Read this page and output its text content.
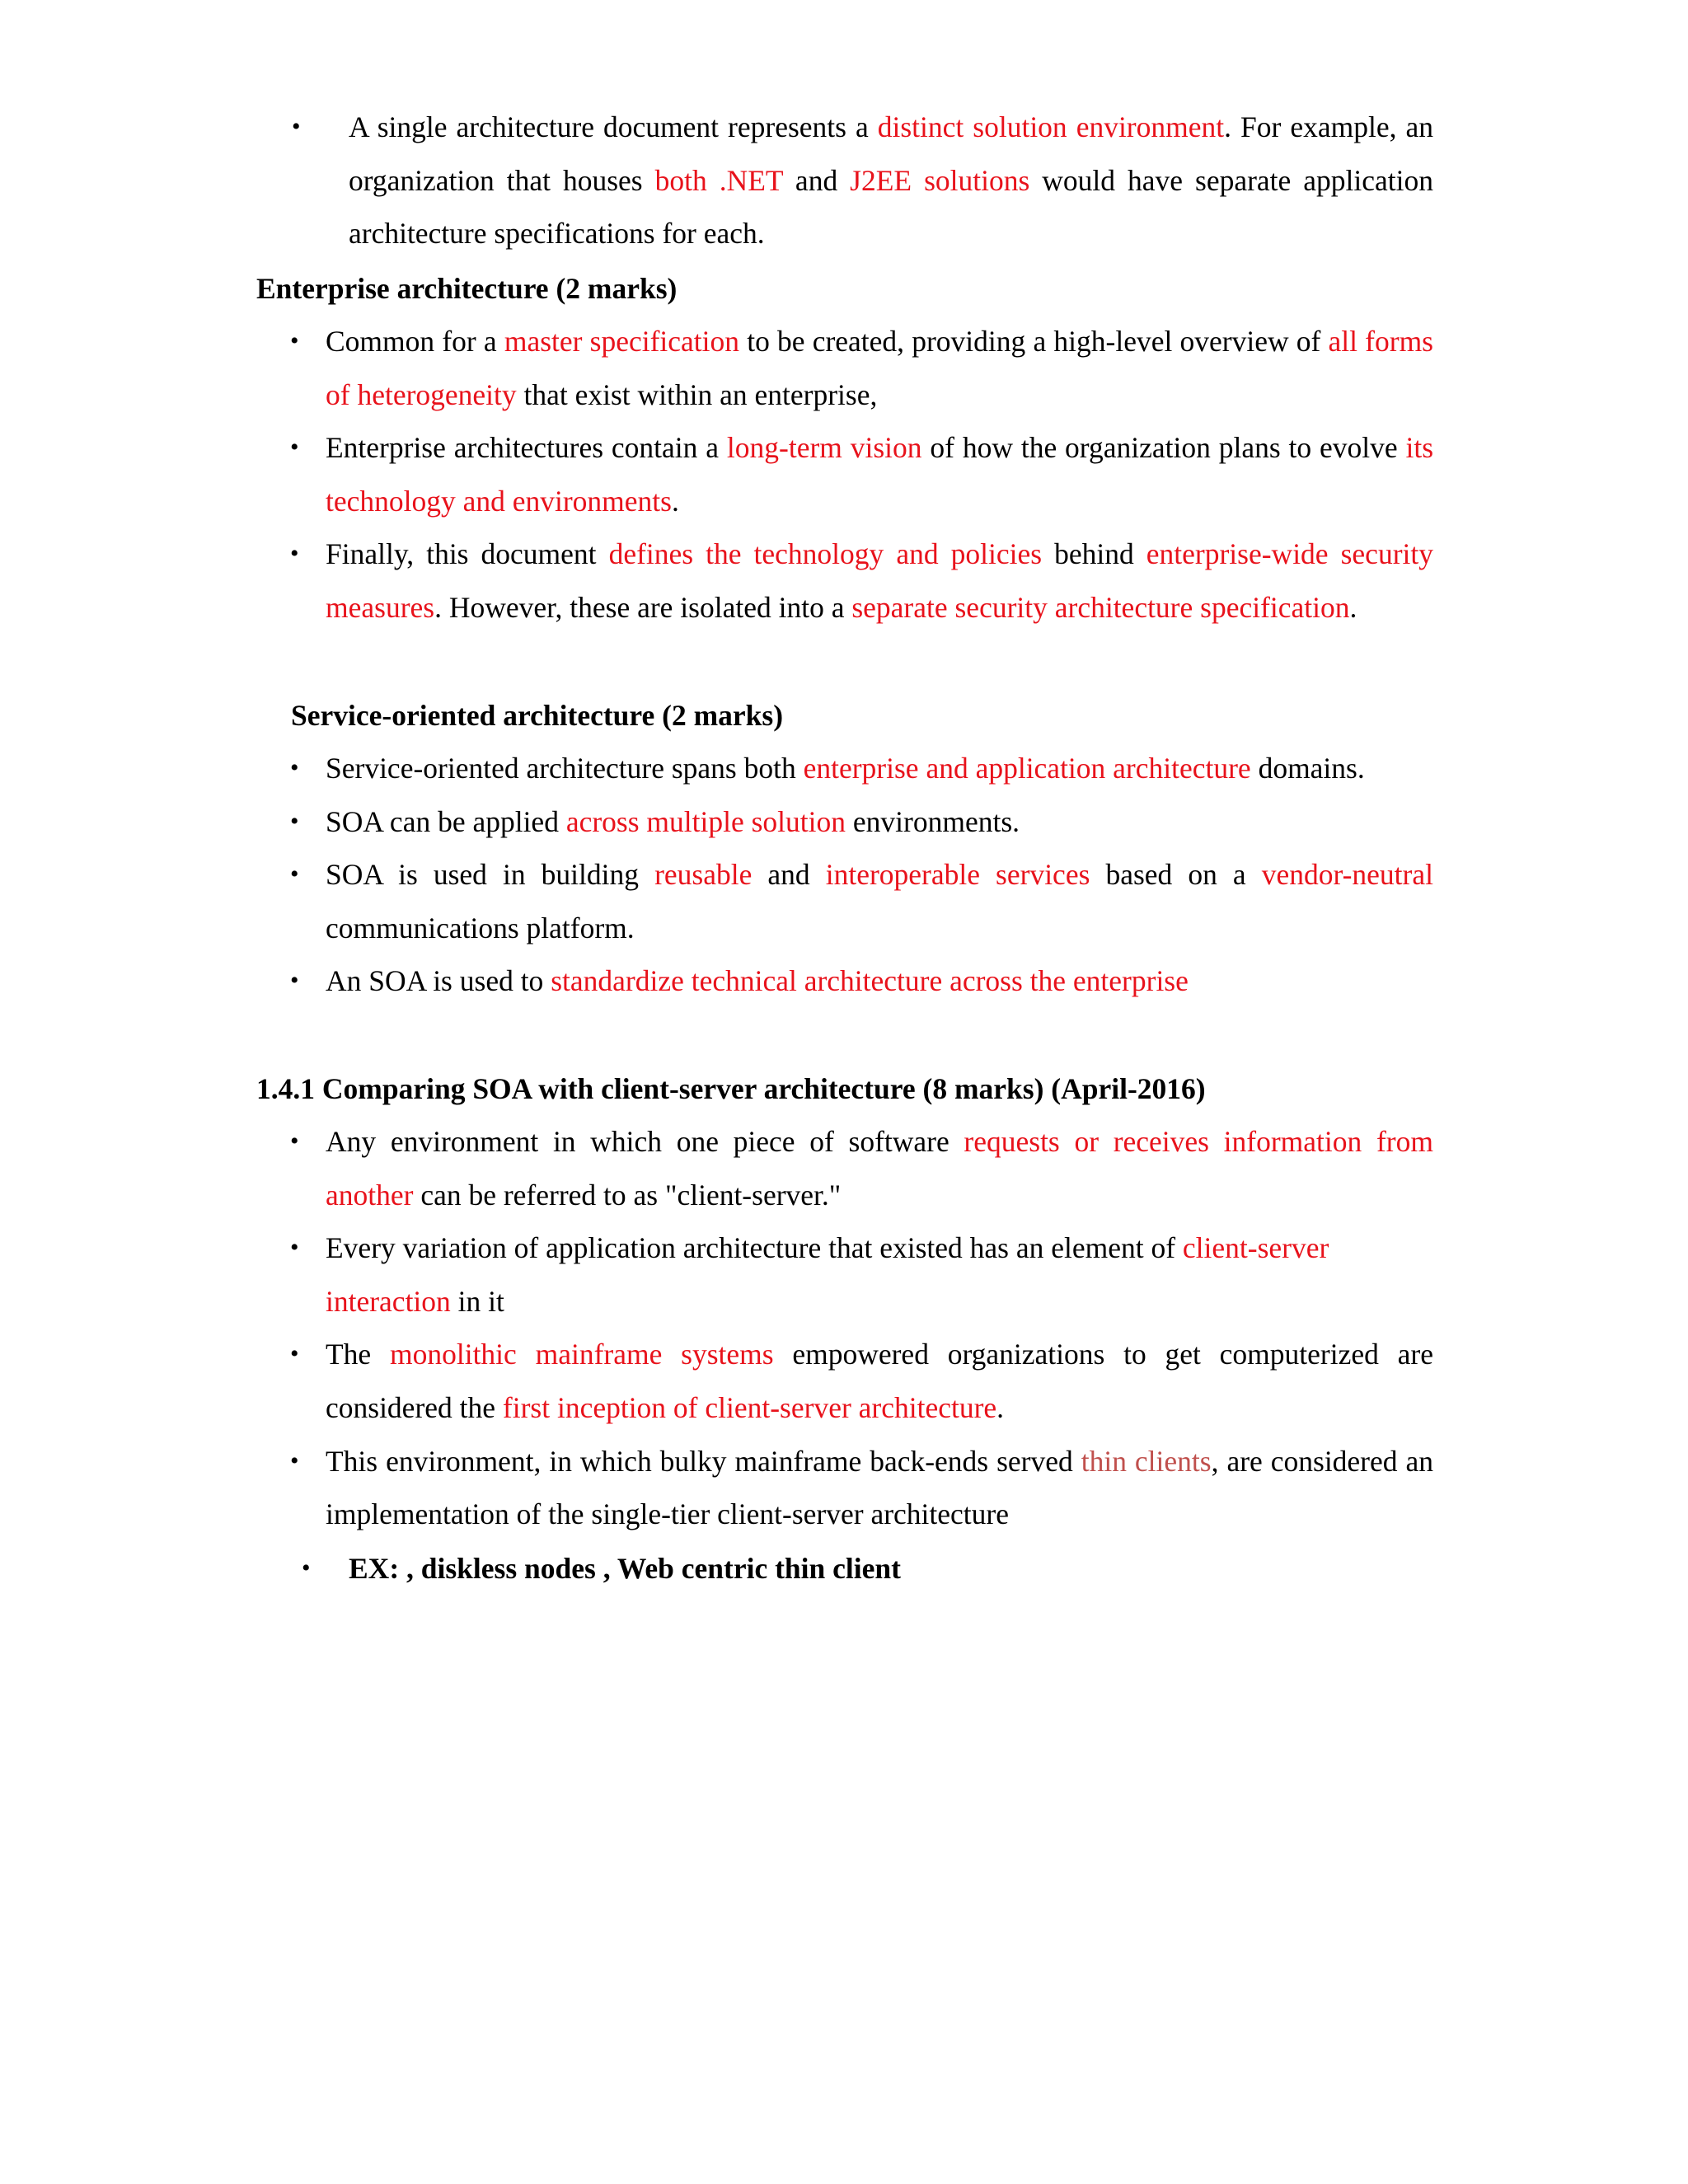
• A single architecture document represents a distinct solution environment. For example, an organization that houses both .NET and J2EE solutions would have separate application architecture specifications for each.
Enterprise architecture (2 marks)
• Common for a master specification to be created, providing a high-level overview of all forms of heterogeneity that exist within an enterprise,
• Enterprise architectures contain a long-term vision of how the organization plans to evolve its technology and environments.
• Finally, this document defines the technology and policies behind enterprise-wide security measures. However, these are isolated into a separate security architecture specification.
Service-oriented architecture (2 marks)
• Service-oriented architecture spans both enterprise and application architecture domains.
• SOA can be applied across multiple solution environments.
• SOA is used in building reusable and interoperable services based on a vendor-neutral communications platform.
• An SOA is used to standardize technical architecture across the enterprise
1.4.1 Comparing SOA with client-server architecture (8 marks) (April-2016)
• Any environment in which one piece of software requests or receives information from another can be referred to as "client-server."
• Every variation of application architecture that existed has an element of client-server interaction in it
• The monolithic mainframe systems empowered organizations to get computerized are considered the first inception of client-server architecture.
• This environment, in which bulky mainframe back-ends served thin clients, are considered an implementation of the single-tier client-server architecture
• EX: , diskless nodes , Web centric thin client
